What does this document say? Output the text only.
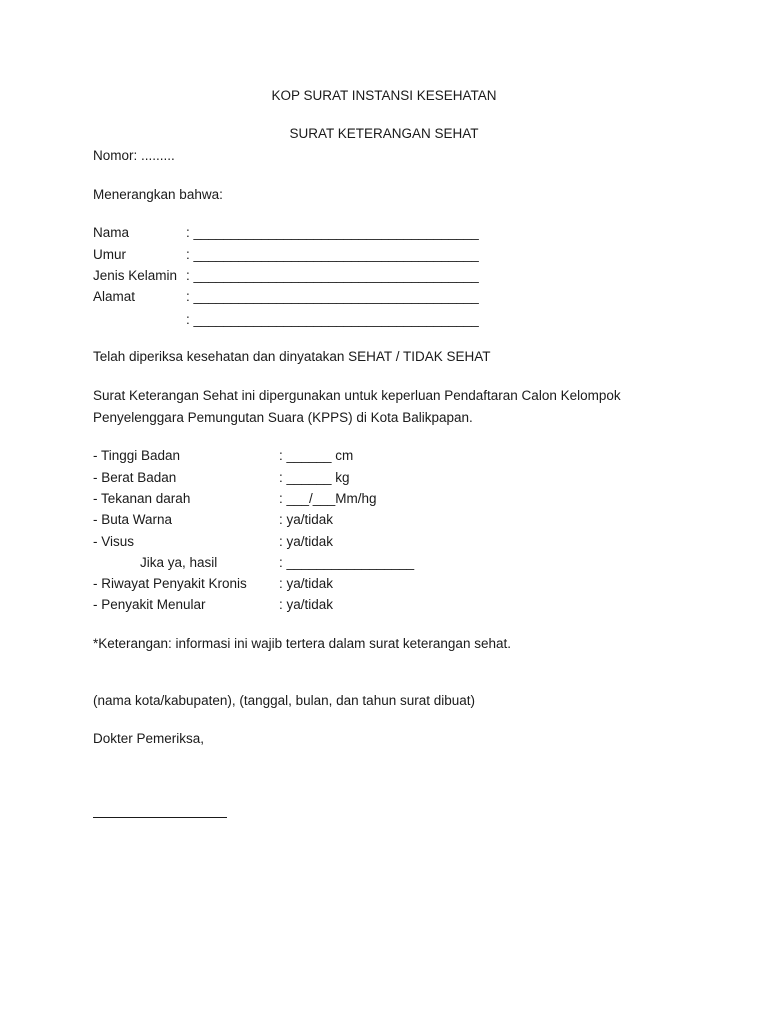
KOP SURAT INSTANSI KESEHATAN
SURAT KETERANGAN SEHAT
Nomor: .........
Menerangkan bahwa:
Nama	: ______________________________________
Umur	: ______________________________________
Jenis Kelamin : ______________________________________
Alamat	: ______________________________________
: ______________________________________
Telah diperiksa kesehatan dan dinyatakan SEHAT / TIDAK SEHAT
Surat Keterangan Sehat ini dipergunakan untuk keperluan Pendaftaran Calon Kelompok
Penyelenggara Pemungutan Suara (KPPS) di Kota Balikpapan.
- Tinggi Badan	: ______ cm
- Berat Badan	: ______ kg
- Tekanan darah	: ___/___Mm/hg
- Buta Warna	: ya/tidak
- Visus	: ya/tidak
Jika ya, hasil	: _________________
- Riwayat Penyakit Kronis : ya/tidak
- Penyakit Menular	: ya/tidak
*Keterangan: informasi ini wajib tertera dalam surat keterangan sehat.
(nama kota/kabupaten), (tanggal, bulan, dan tahun surat dibuat)
Dokter Pemeriksa,
